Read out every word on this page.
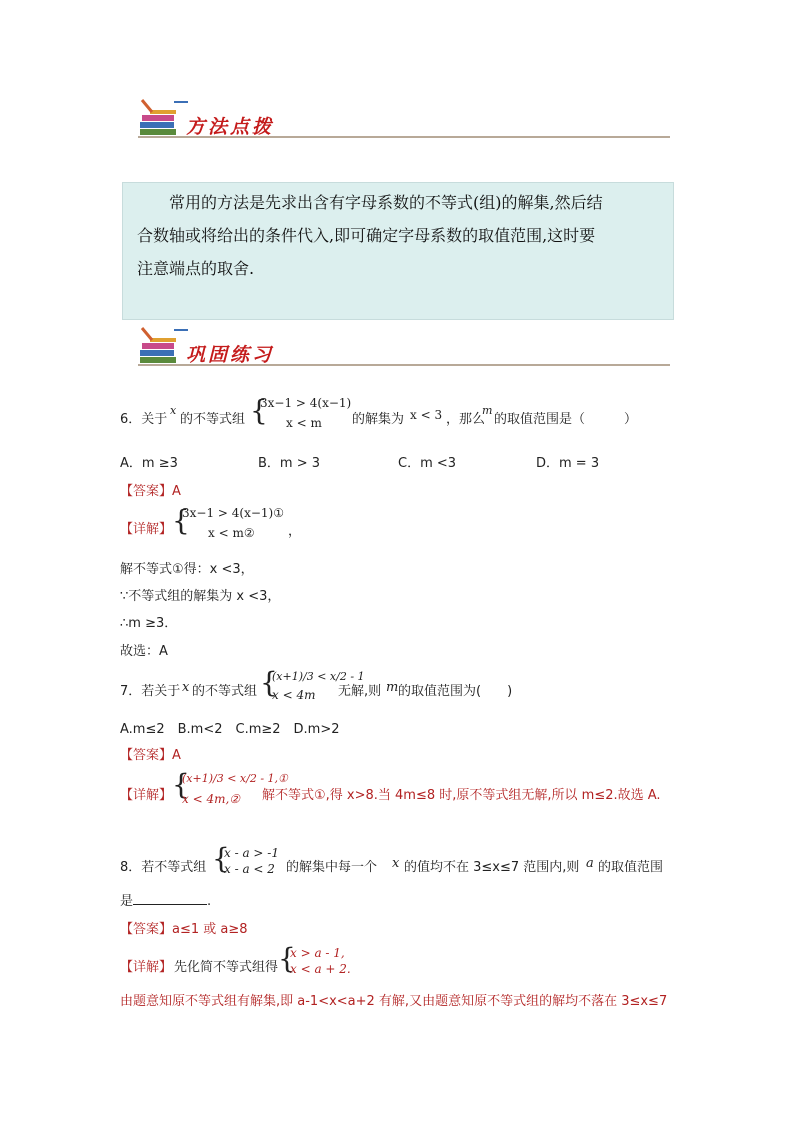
方法点拨
常用的方法是先求出含有字母系数的不等式(组)的解集,然后结
合数轴或将给出的条件代入,即可确定字母系数的取值范围,这时要
注意端点的取舍.
巩固练习
6．关于
x
的不等式组 {
3x−1 > 4(x−1)
x < m 的解集为 x < 3 ，那么
m
的取值范围是（　　　）
A．m ≥3	B．m > 3	C．m <3	D．m = 3
【答案】A
【详解】 {
3x−1 > 4(x−1)①
x < m②	，
解不等式①得：x <3，
∵不等式组的解集为 x <3，
∴m ≥3．
故选：A
7．若关于 x 的不等式组 {
(x+1)/3 < x/2 - 1
x < 4m 无解,则 m 的取值范围为(　　)
A.m≤2　B.m<2　C.m≥2　D.m>2
【答案】A
【详解】 {
(x+1)/3 < x/2 - 1,①
x < 4m,② 解不等式①,得 x>8.当 4m≤8 时,原不等式组无解,所以 m≤2.故选 A.
8．若不等式组 {
x - a > -1
x - a < 2 的解集中每一个 x 的值均不在 3≤x≤7 范围内,则 a 的取值范围
是	.
【答案】a≤1 或 a≥8
【详解】 先化简不等式组得 {
x > a - 1,
x < a + 2.
由题意知原不等式组有解集,即 a-1<x<a+2 有解,又由题意知原不等式组的解均不落在 3≤x≤7
